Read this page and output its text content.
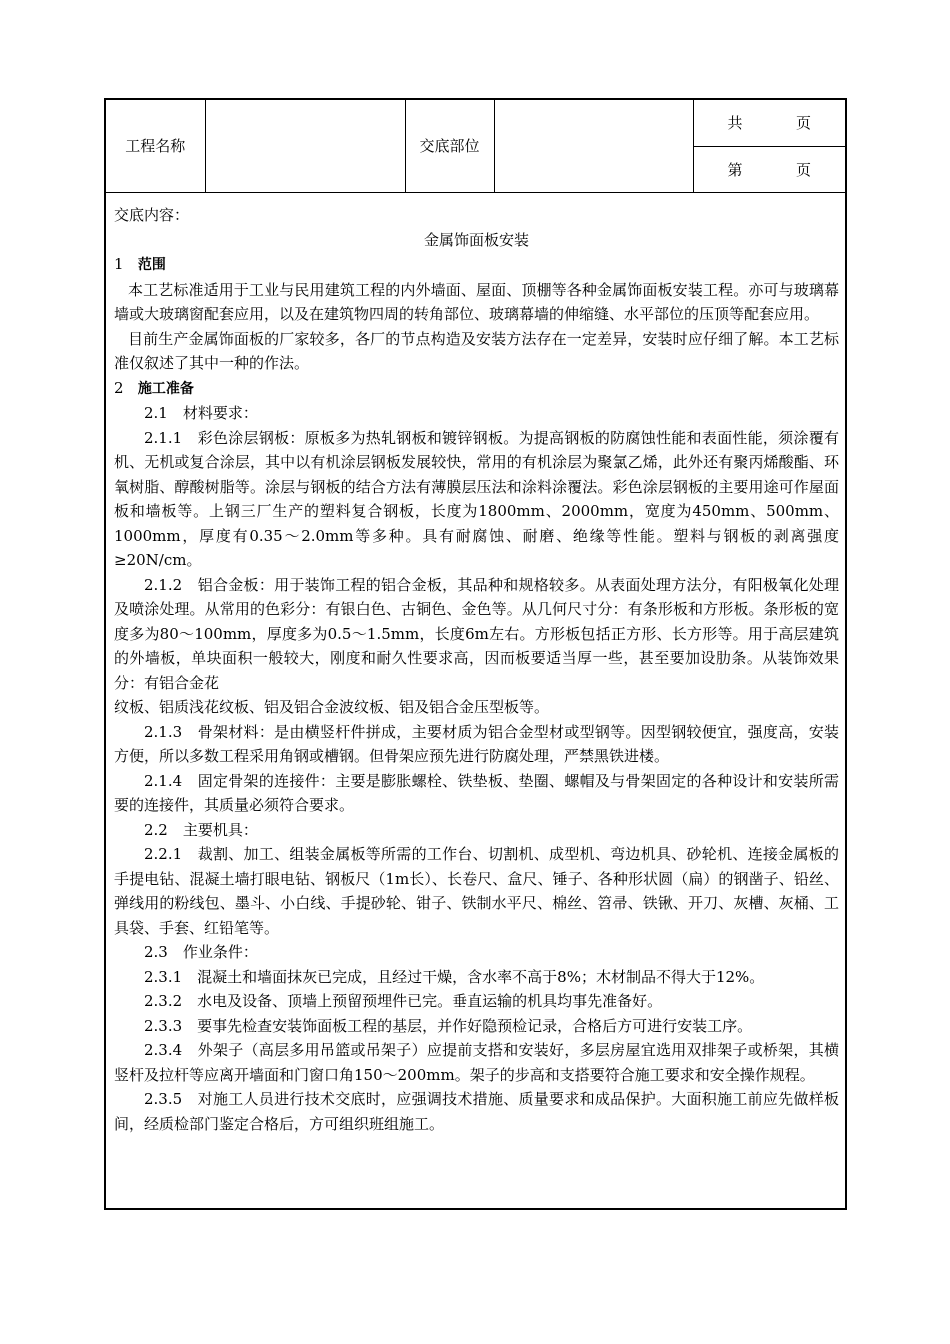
工程名称		交底部位		
共	页

第	页

交底内容：

金属饰面板安装

1 范围

本工艺标准适用于工业与民用建筑工程的内外墙面、屋面、顶棚等各种金属饰面板安装工程。亦可与玻璃幕墙或大玻璃窗配套应用，以及在建筑物四周的转角部位、玻璃幕墙的伸缩缝、水平部位的压顶等配套应用。

目前生产金属饰面板的厂家较多，各厂的节点构造及安装方法存在一定差异，安装时应仔细了解。本工艺标准仅叙述了其中一种的作法。

2 施工准备

2.1　材料要求：

2.1.1　彩色涂层钢板：原板多为热轧钢板和镀锌钢板。为提高钢板的防腐蚀性能和表面性能，须涂覆有机、无机或复合涂层，其中以有机涂层钢板发展较快，常用的有机涂层为聚氯乙烯，此外还有聚丙烯酸酯、环氧树脂、醇酸树脂等。涂层与钢板的结合方法有薄膜层压法和涂料涂覆法。彩色涂层钢板的主要用途可作屋面板和墙板等。上钢三厂生产的塑料复合钢板，长度为1800mm、2000mm，宽度为450mm、500mm、1000mm，厚度有0.35～2.0mm等多种。具有耐腐蚀、耐磨、绝缘等性能。塑料与钢板的剥离强度≥20N/cm。

2.1.2　铝合金板：用于装饰工程的铝合金板，其品种和规格较多。从表面处理方法分，有阳极氧化处理及喷涂处理。从常用的色彩分：有银白色、古铜色、金色等。从几何尺寸分：有条形板和方形板。条形板的宽度多为80～100mm，厚度多为0.5～1.5mm，长度6m左右。方形板包括正方形、长方形等。用于高层建筑的外墙板，单块面积一般较大，刚度和耐久性要求高，因而板要适当厚一些，甚至要加设肋条。从装饰效果分：有铝合金花

纹板、铝质浅花纹板、铝及铝合金波纹板、铝及铝合金压型板等。

2.1.3　骨架材料：是由横竖杆件拼成，主要材质为铝合金型材或型钢等。因型钢较便宜，强度高，安装方便，所以多数工程采用角钢或槽钢。但骨架应预先进行防腐处理，严禁黑铁进楼。

2.1.4　固定骨架的连接件：主要是膨胀螺栓、铁垫板、垫圈、螺帽及与骨架固定的各种设计和安装所需要的连接件，其质量必须符合要求。

2.2　主要机具：

2.2.1　裁割、加工、组装金属板等所需的工作台、切割机、成型机、弯边机具、砂轮机、连接金属板的手提电钻、混凝土墙打眼电钻、钢板尺（1m长）、长卷尺、盒尺、锤子、各种形状圆（扁）的钢凿子、铅丝、弹线用的粉线包、墨斗、小白线、手提砂轮、钳子、铁制水平尺、棉丝、笤帚、铁锹、开刀、灰槽、灰桶、工具袋、手套、红铅笔等。

2.3　作业条件：

2.3.1　混凝土和墙面抹灰已完成，且经过干燥，含水率不高于8%；木材制品不得大于12%。

2.3.2　水电及设备、顶墙上预留预埋件已完。垂直运输的机具均事先准备好。

2.3.3　要事先检查安装饰面板工程的基层，并作好隐预检记录，合格后方可进行安装工序。

2.3.4　外架子（高层多用吊篮或吊架子）应提前支搭和安装好，多层房屋宜选用双排架子或桥架，其横竖杆及拉杆等应离开墙面和门窗口角150～200mm。架子的步高和支搭要符合施工要求和安全操作规程。

2.3.5　对施工人员进行技术交底时，应强调技术措施、质量要求和成品保护。大面积施工前应先做样板间，经质检部门鉴定合格后，方可组织班组施工。
